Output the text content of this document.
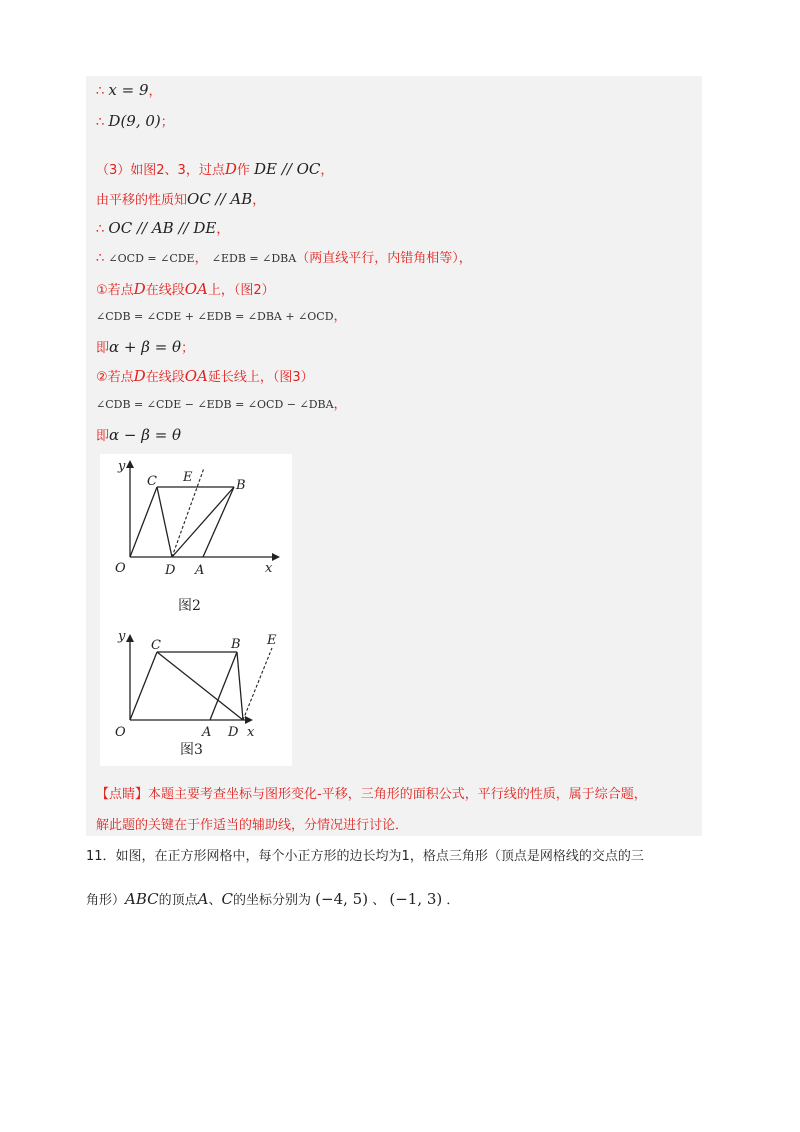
∴ x = 9，
∴ D(9, 0)；
（3）如图2、3，过点D作 DE // OC，
由平移的性质知OC // AB，
∴ OC // AB // DE，
∴ ∠OCD = ∠CDE， ∠EDB = ∠DBA（两直线平行，内错角相等），
①若点D在线段OA上，（图2）
∠CDB = ∠CDE + ∠EDB = ∠DBA + ∠OCD，
即α + β = θ；
②若点D在线段OA延长线上，（图3）
∠CDB = ∠CDE − ∠EDB = ∠OCD − ∠DBA，
即α − β = θ
y
x
O
C E
B
D A
图2
y
x
O
C	B E
A D
图3
【点睛】本题主要考查坐标与图形变化-平移，三角形的面积公式，平行线的性质，属于综合题，
解此题的关键在于作适当的辅助线，分情况进行讨论．
11．如图，在正方形网格中，每个小正方形的边长均为1，格点三角形（顶点是网格线的交点的三
角形）ABC的顶点A、C的坐标分别为 (−4, 5) 、 (−1, 3) ．
